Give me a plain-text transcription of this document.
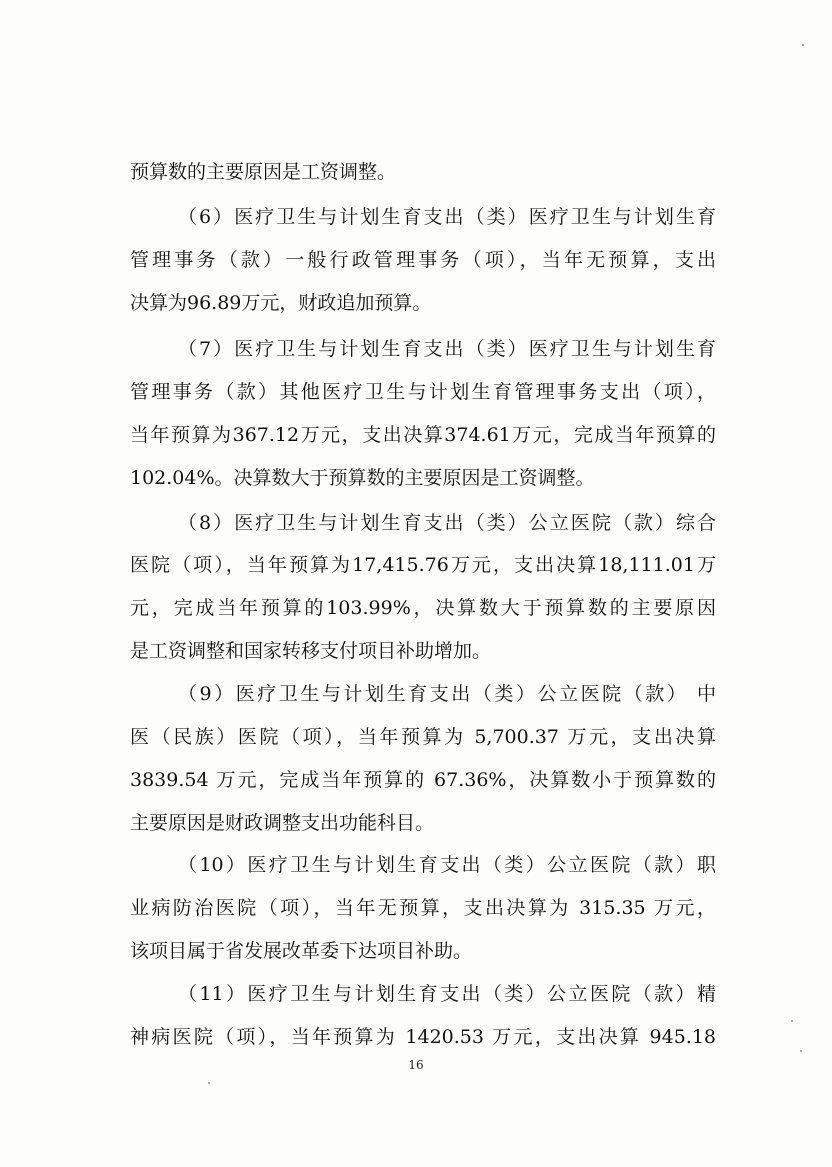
预算数的主要原因是工资调整。
（6）医疗卫生与计划生育支出（类）医疗卫生与计划生育
管理事务（款）一般行政管理事务（项），当年无预算，支出
决算为96.89万元，财政追加预算。
（7）医疗卫生与计划生育支出（类）医疗卫生与计划生育
管理事务（款）其他医疗卫生与计划生育管理事务支出（项），
当年预算为367.12万元，支出决算374.61万元，完成当年预算的
102.04%。决算数大于预算数的主要原因是工资调整。
（8）医疗卫生与计划生育支出（类）公立医院（款）综合
医院（项），当年预算为17,415.76万元，支出决算18,111.01万
元，完成当年预算的103.99%，决算数大于预算数的主要原因
是工资调整和国家转移支付项目补助增加。
（9）医疗卫生与计划生育支出（类）公立医院（款） 中
医（民族）医院（项），当年预算为 5,700.37 万元，支出决算
3839.54 万元，完成当年预算的 67.36%，决算数小于预算数的
主要原因是财政调整支出功能科目。
（10）医疗卫生与计划生育支出（类）公立医院（款）职
业病防治医院（项），当年无预算，支出决算为 315.35 万元，
该项目属于省发展改革委下达项目补助。
（11）医疗卫生与计划生育支出（类）公立医院（款）精
神病医院（项），当年预算为 1420.53 万元，支出决算 945.18
16
